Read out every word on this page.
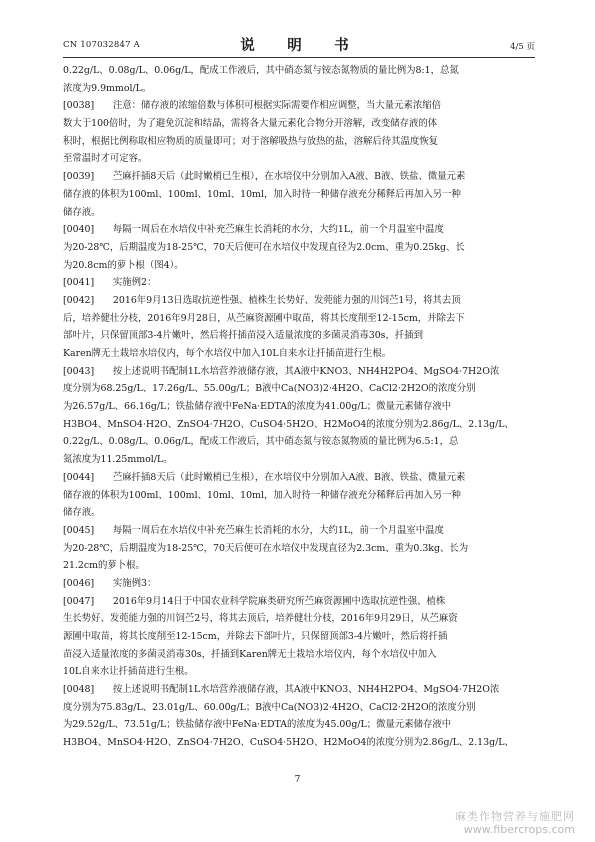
CN 107032847 A	说　明　书	4/5 页
0.22g/L、0.08g/L、0.06g/L，配成工作液后，其中硝态氮与铵态氮物质的量比例为8:1，总氮
浓度为9.9mmol/L。
[0038]　　注意：储存液的浓缩倍数与体积可根据实际需要作相应调整，当大量元素浓缩倍
数大于100倍时，为了避免沉淀和结晶，需将各大量元素化合物分开溶解，改变储存液的体
积时，根据比例称取相应物质的质量即可；对于溶解吸热与放热的盐，溶解后待其温度恢复
至常温时才可定容。
[0039]　　苎麻扦插8天后（此时嫩梢已生根），在水培仪中分别加入A液、B液、铁盐、微量元素
储存液的体积为100ml、100ml、10ml、10ml，加入时待一种储存液充分稀释后再加入另一种
储存液。
[0040]　　每隔一周后在水培仪中补充苎麻生长消耗的水分，大约1L，前一个月温室中温度
为20-28℃，后期温度为18-25℃，70天后便可在水培仪中发现直径为2.0cm、重为0.25kg、长
为20.8cm的萝卜根（图4）。
[0041]　　实施例2：
[0042]　　2016年9月13日选取抗逆性强、植株生长势好、发蔸能力强的川饲苎1号，将其去顶
后，培养健壮分枝，2016年9月28日，从苎麻资源圃中取苗，将其长度削至12-15cm，并除去下
部叶片，只保留顶部3-4片嫩叶，然后将扦插苗浸入适量浓度的多菌灵消毒30s，扦插到
Karen牌无土栽培水培仪内，每个水培仪中加入10L自来水让扦插苗进行生根。
[0043]　　按上述说明书配制1L水培营养液储存液，其A液中KNO3、NH4H2PO4、MgSO4·7H2O浓
度分别为68.25g/L、17.26g/L、55.00g/L；B液中Ca(NO3)2·4H2O、CaCl2·2H2O的浓度分别
为26.57g/L、66.16g/L；铁盐储存液中FeNa·EDTA的浓度为41.00g/L；微量元素储存液中
H3BO4、MnSO4·H2O、ZnSO4·7H2O、CuSO4·5H2O、H2MoO4的浓度分别为2.86g/L、2.13g/L、
0.22g/L、0.08g/L、0.06g/L，配成工作液后，其中硝态氮与铵态氮物质的量比例为6.5:1，总
氮浓度为11.25mmol/L。
[0044]　　苎麻扦插8天后（此时嫩梢已生根），在水培仪中分别加入A液、B液、铁盐、微量元素
储存液的体积为100ml、100ml、10ml、10ml，加入时待一种储存液充分稀释后再加入另一种
储存液。
[0045]　　每隔一周后在水培仪中补充苎麻生长消耗的水分，大约1L，前一个月温室中温度
为20-28℃，后期温度为18-25℃，70天后便可在水培仪中发现直径为2.3cm、重为0.3kg、长为
21.2cm的萝卜根。
[0046]　　实施例3：
[0047]　　2016年9月14日于中国农业科学院麻类研究所苎麻资源圃中选取抗逆性强、植株
生长势好、发蔸能力强的川饲苎2号，将其去顶后，培养健壮分枝，2016年9月29日，从苎麻资
源圃中取苗，将其长度削至12-15cm，并除去下部叶片，只保留顶部3-4片嫩叶，然后将扦插
苗浸入适量浓度的多菌灵消毒30s，扦插到Karen牌无土栽培水培仪内，每个水培仪中加入
10L自来水让扦插苗进行生根。
[0048]　　按上述说明书配制1L水培营养液储存液，其A液中KNO3、NH4H2PO4、MgSO4·7H2O浓
度分别为75.83g/L、23.01g/L、60.00g/L；B液中Ca(NO3)2·4H2O、CaCl2·2H2O的浓度分别
为29.52g/L、73.51g/L；铁盐储存液中FeNa·EDTA的浓度为45.00g/L；微量元素储存液中
H3BO4、MnSO4·H2O、ZnSO4·7H2O、CuSO4·5H2O、H2MoO4的浓度分别为2.86g/L、2.13g/L、
7
麻类作物营养与施肥网
www.fibercrops.com
